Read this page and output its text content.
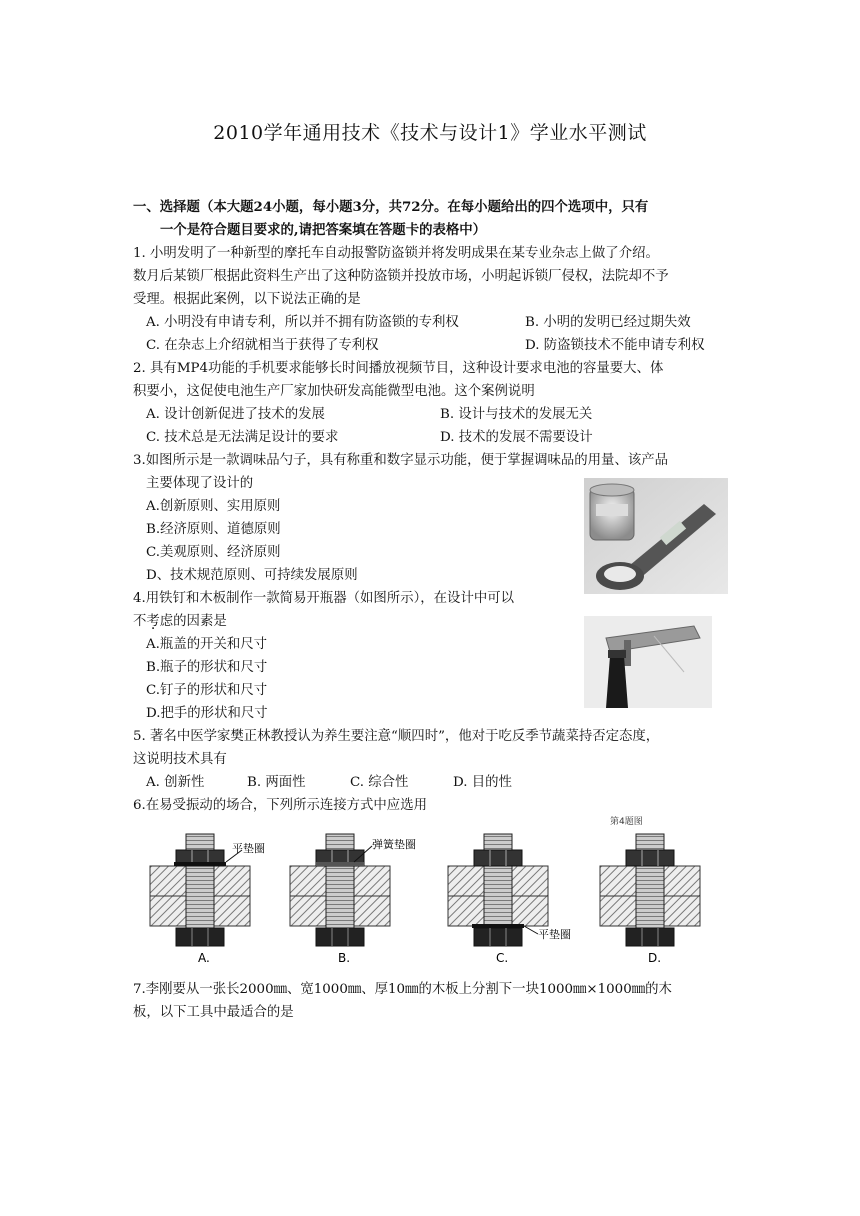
2010学年通用技术《技术与设计1》学业水平测试
一、选择题（本大题24小题，每小题3分，共72分。在每小题给出的四个选项中，只有
一个是符合题目要求的,请把答案填在答题卡的表格中）
1. 小明发明了一种新型的摩托车自动报警防盗锁并将发明成果在某专业杂志上做了介绍。
数月后某锁厂根据此资料生产出了这种防盗锁并投放市场，小明起诉锁厂侵权，法院却不予
受理。根据此案例，以下说法正确的是
A. 小明没有申请专利，所以并不拥有防盗锁的专利权	B. 小明的发明已经过期失效
C. 在杂志上介绍就相当于获得了专利权	D. 防盗锁技术不能申请专利权
2. 具有MP4功能的手机要求能够长时间播放视频节目，这种设计要求电池的容量要大、体
积要小，这促使电池生产厂家加快研发高能微型电池。这个案例说明
A. 设计创新促进了技术的发展	B. 设计与技术的发展无关
C. 技术总是无法满足设计的要求	D. 技术的发展不需要设计
3.如图所示是一款调味品勺子，具有称重和数字显示功能，便于掌握调味品的用量、该产品
主要体现了设计的
A.创新原则、实用原则
B.经济原则、道德原则
C.美观原则、经济原则
D、技术规范原则、可持续发展原则
4.用铁钉和木板制作一款简易开瓶器（如图所示），在设计中可以
不考虑的因素是
A.瓶盖的开关和尺寸
B.瓶子的形状和尺寸
C.钉子的形状和尺寸
D.把手的形状和尺寸
5. 著名中医学家樊正林教授认为养生要注意“顺四时”，他对于吃反季节蔬菜持否定态度，
这说明技术具有
A. 创新性	B. 两面性	C. 综合性	D. 目的性
6.在易受振动的场合，下列所示连接方式中应选用
平垫圈
A.
弹簧垫圈
B.
平垫圈
C.
第4题图
D.
7.李刚要从一张长2000㎜、宽1000㎜、厚10㎜的木板上分割下一块1000㎜×1000㎜的木
板，以下工具中最适合的是
